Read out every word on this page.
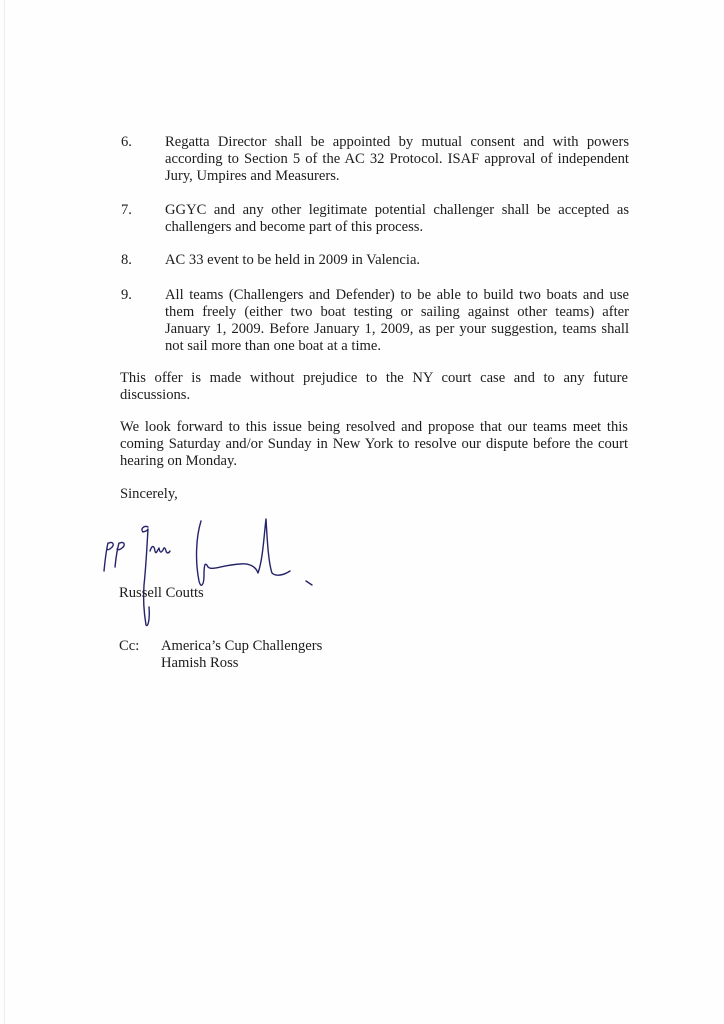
6. Regatta Director shall be appointed by mutual consent and with powers according to Section 5 of the AC 32 Protocol. ISAF approval of independent Jury, Umpires and Measurers.
7. GGYC and any other legitimate potential challenger shall be accepted as challengers and become part of this process.
8. AC 33 event to be held in 2009 in Valencia.
9. All teams (Challengers and Defender) to be able to build two boats and use them freely (either two boat testing or sailing against other teams) after January 1, 2009. Before January 1, 2009, as per your suggestion, teams shall not sail more than one boat at a time.
This offer is made without prejudice to the NY court case and to any future discussions.
We look forward to this issue being resolved and propose that our teams meet this coming Saturday and/or Sunday in New York to resolve our dispute before the court hearing on Monday.
Sincerely,
Russell Coutts
Cc: America’s Cup Challengers
Hamish Ross
